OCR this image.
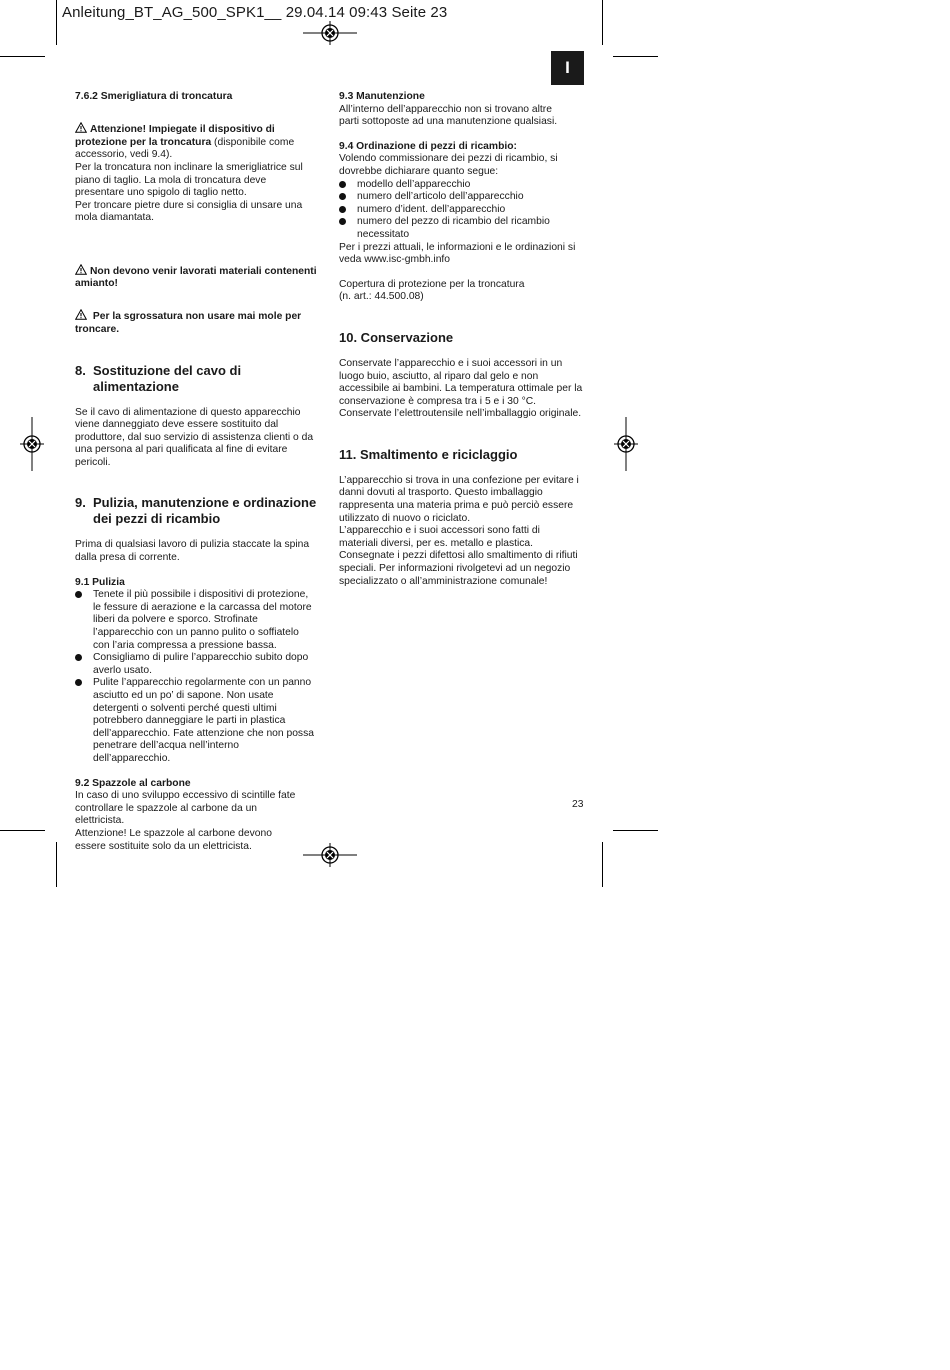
Anleitung_BT_AG_500_SPK1__ 29.04.14 09:43 Seite 23
I

7.6.2 Smerigliatura di troncatura

Attenzione! Impiegate il dispositivo di protezione per la troncatura (disponibile come accessorio, vedi 9.4).

Per la troncatura non inclinare la smerigliatrice sul
piano di taglio. La mola di troncatura deve
presentare uno spigolo di taglio netto.
Per troncare pietre dure si consiglia di unsare una
mola diamantata.

Non devono venir lavorati materiali contenenti amianto!

Per la sgrossatura non usare mai mole per troncare.

8. Sostituzione del cavo di
alimentazione

Se il cavo di alimentazione di questo apparecchio
viene danneggiato deve essere sostituito dal
produttore, dal suo servizio di assistenza clienti o da
una persona al pari qualificata al fine di evitare
pericoli.

9. Pulizia, manutenzione e ordinazione
dei pezzi di ricambio

Prima di qualsiasi lavoro di pulizia staccate la spina
dalla presa di corrente.

9.1 Pulizia

Tenete il più possibile i dispositivi di protezione,
le fessure di aerazione e la carcassa del motore
liberi da polvere e sporco. Strofinate
l’apparecchio con un panno pulito o soffiatelo
con l’aria compressa a pressione bassa.
Consigliamo di pulire l’apparecchio subito dopo
averlo usato.
Pulite l’apparecchio regolarmente con un panno
asciutto ed un po’ di sapone. Non usate
detergenti o solventi perché questi ultimi
potrebbero danneggiare le parti in plastica
dell’apparecchio. Fate attenzione che non possa
penetrare dell’acqua nell’interno
dell’apparecchio.

9.2 Spazzole al carbone

In caso di uno sviluppo eccessivo di scintille fate
controllare le spazzole al carbone da un
elettricista.
Attenzione! Le spazzole al carbone devono
essere sostituite solo da un elettricista.

9.3 Manutenzione

All’interno dell’apparecchio non si trovano altre
parti sottoposte ad una manutenzione qualsiasi.

9.4 Ordinazione di pezzi di ricambio:

Volendo commissionare dei pezzi di ricambio, si
dovrebbe dichiarare quanto segue:

modello dell’apparecchio
numero dell’articolo dell’apparecchio
numero d’ident. dell’apparecchio
numero del pezzo di ricambio del ricambio
necessitato

Per i prezzi attuali, le informazioni e le ordinazioni si
veda www.isc-gmbh.info

Copertura di protezione per la troncatura
(n. art.: 44.500.08)

10. Conservazione

Conservate l’apparecchio e i suoi accessori in un
luogo buio, asciutto, al riparo dal gelo e non
accessibile ai bambini. La temperatura ottimale per la
conservazione è compresa tra i 5 e i 30 °C.
Conservate l’elettroutensile nell’imballaggio originale.

11. Smaltimento e riciclaggio

L’apparecchio si trova in una confezione per evitare i
danni dovuti al trasporto. Questo imballaggio
rappresenta una materia prima e può perciò essere
utilizzato di nuovo o riciclato.
L’apparecchio e i suoi accessori sono fatti di
materiali diversi, per es. metallo e plastica.
Consegnate i pezzi difettosi allo smaltimento di rifiuti
speciali. Per informazioni rivolgetevi ad un negozio
specializzato o all’amministrazione comunale!

23
